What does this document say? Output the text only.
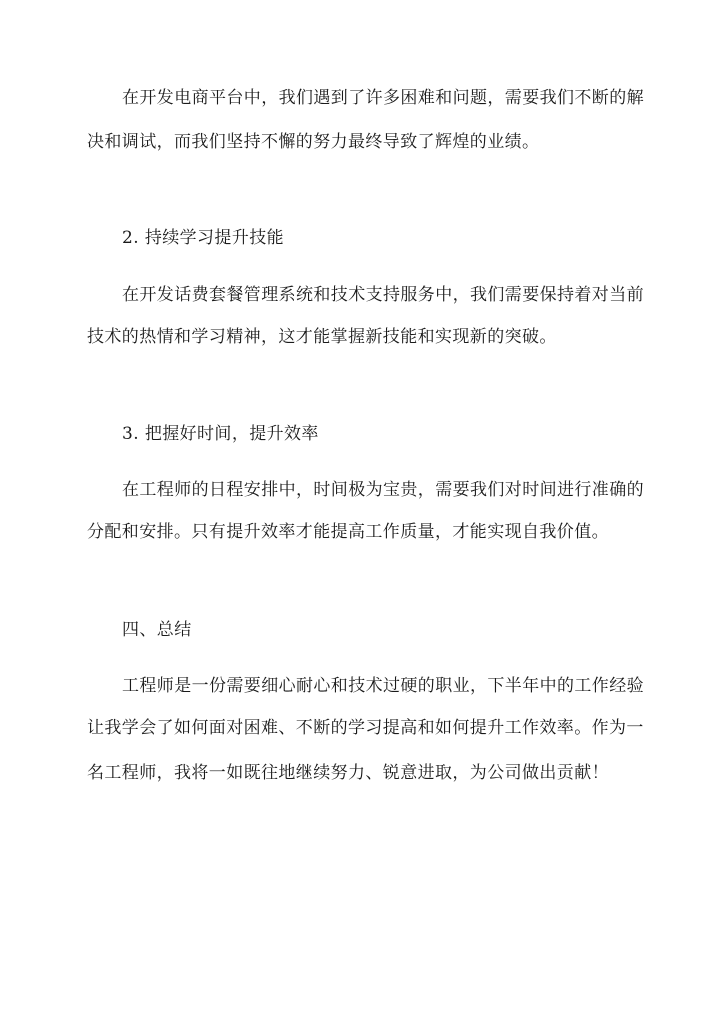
在开发电商平台中，我们遇到了许多困难和问题，需要我们不断的解
决和调试，而我们坚持不懈的努力最终导致了辉煌的业绩。
2. 持续学习提升技能
在开发话费套餐管理系统和技术支持服务中，我们需要保持着对当前
技术的热情和学习精神，这才能掌握新技能和实现新的突破。
3. 把握好时间，提升效率
在工程师的日程安排中，时间极为宝贵，需要我们对时间进行准确的
分配和安排。只有提升效率才能提高工作质量，才能实现自我价值。
四、总结
工程师是一份需要细心耐心和技术过硬的职业，下半年中的工作经验
让我学会了如何面对困难、不断的学习提高和如何提升工作效率。作为一
名工程师，我将一如既往地继续努力、锐意进取，为公司做出贡献！
